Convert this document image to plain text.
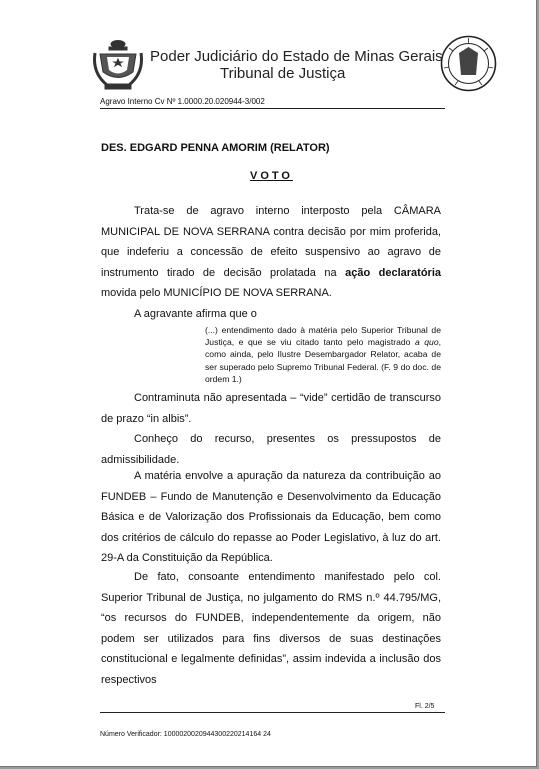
Poder Judiciário do Estado de Minas Gerais
Tribunal de Justiça
Agravo Interno Cv Nº 1.0000.20.020944-3/002
DES. EDGARD PENNA AMORIM (RELATOR)
VOTO

Trata-se de agravo interno interposto pela CÂMARA MUNICIPAL DE NOVA SERRANA contra decisão por mim proferida, que indeferiu a concessão de efeito suspensivo ao agravo de instrumento tirado de decisão prolatada na ação declaratória movida pelo MUNICÍPIO DE NOVA SERRANA.

A agravante afirma que o

(...) entendimento dado à matéria pelo Superior Tribunal de Justiça, e que se viu citado tanto pelo magistrado a quo, como ainda, pelo Ilustre Desembargador Relator, acaba de ser superado pelo Supremo Tribunal Federal. (F. 9 do doc. de ordem 1.)

Contraminuta não apresentada – “vide” certidão de transcurso de prazo “in albis”.

Conheço do recurso, presentes os pressupostos de admissibilidade.

A matéria envolve a apuração da natureza da contribuição ao FUNDEB – Fundo de Manutenção e Desenvolvimento da Educação Básica e de Valorização dos Profissionais da Educação, bem como dos critérios de cálculo do repasse ao Poder Legislativo, à luz do art. 29-A da Constituição da República.

De fato, consoante entendimento manifestado pelo col. Superior Tribunal de Justiça, no julgamento do RMS n.º 44.795/MG, “os recursos do FUNDEB, independentemente da origem, não podem ser utilizados para fins diversos de suas destinações constitucional e legalmente definidas”, assim indevida a inclusão dos respectivos

Fl. 2/5
Número Verificador: 1000020020944300220214164 24
